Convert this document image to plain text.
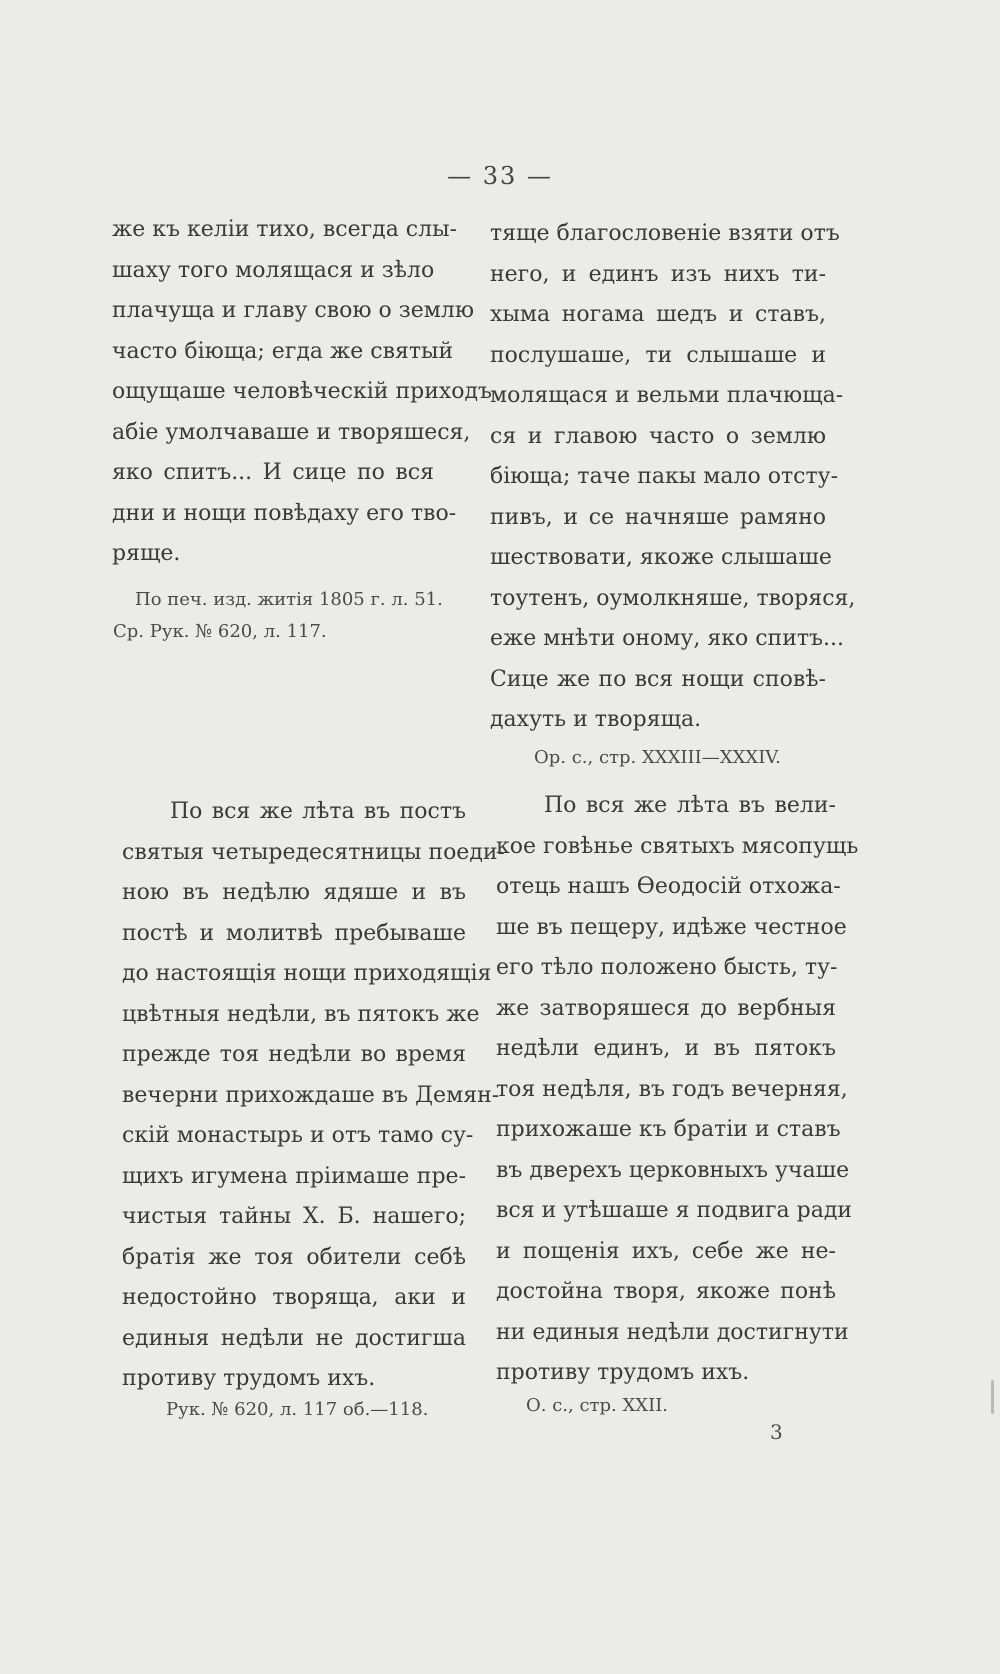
— 33 —
же къ келіи тихо, всегда слы-
шаху того молящася и зѣло
плачуща и главу свою о землю
часто біюща; егда же святый
ощущаше человѣческій приходъ
абіе умолчаваше и творяшеся,
яко спитъ... И сице по вся
дни и нощи повѣдаху его тво-
ряще.
По печ. изд. житія 1805 г. л. 51.
Ср. Рук. № 620, л. 117.
тяще благословеніе взяти отъ
него, и единъ изъ нихъ ти-
хыма ногама шедъ и ставъ,
послушаше, ти слышаше и
молящася и вельми плачюща-
ся и главою часто о землю
біюща; таче пакы мало отсту-
пивъ, и се начняше рамяно
шествовати, якоже слышаше
тоутенъ, оумолкняше, творяся,
еже мнѣти оному, яко спитъ...
Сице же по вся нощи сповѣ-
дахуть и творяща.
Ор. с., стр. XXXIII—XXXIV.
По вся же лѣта въ постъ
святыя четыредесятницы поеди-
ною въ недѣлю ядяше и въ
постѣ и молитвѣ пребываше
до настоящія нощи приходящія
цвѣтныя недѣли, въ пятокъ же
прежде тоя недѣли во время
вечерни прихождаше въ Демян-
скій монастырь и отъ тамо су-
щихъ игумена пріимаше пре-
чистыя тайны Х. Б. нашего;
братія же тоя обители себѣ
недостойно творяща, аки и
единыя недѣли не достигша
противу трудомъ ихъ.
Рук. № 620, л. 117 об.—118.
По вся же лѣта въ вели-
кое говѣнье святыхъ мясопущь
отець нашъ Ѳеодосій отхожа-
ше въ пещеру, идѣже честное
его тѣло положено бысть, ту-
же затворяшеся до вербныя
недѣли единъ, и въ пятокъ
тоя недѣля, въ годъ вечерняя,
прихожаше къ братіи и ставъ
въ дверехъ церковныхъ учаше
вся и утѣшаше я подвига ради
и пощенія ихъ, себе же не-
достойна творя, якоже понѣ
ни единыя недѣли достигнути
противу трудомъ ихъ.
О. с., стр. XXII.
3
